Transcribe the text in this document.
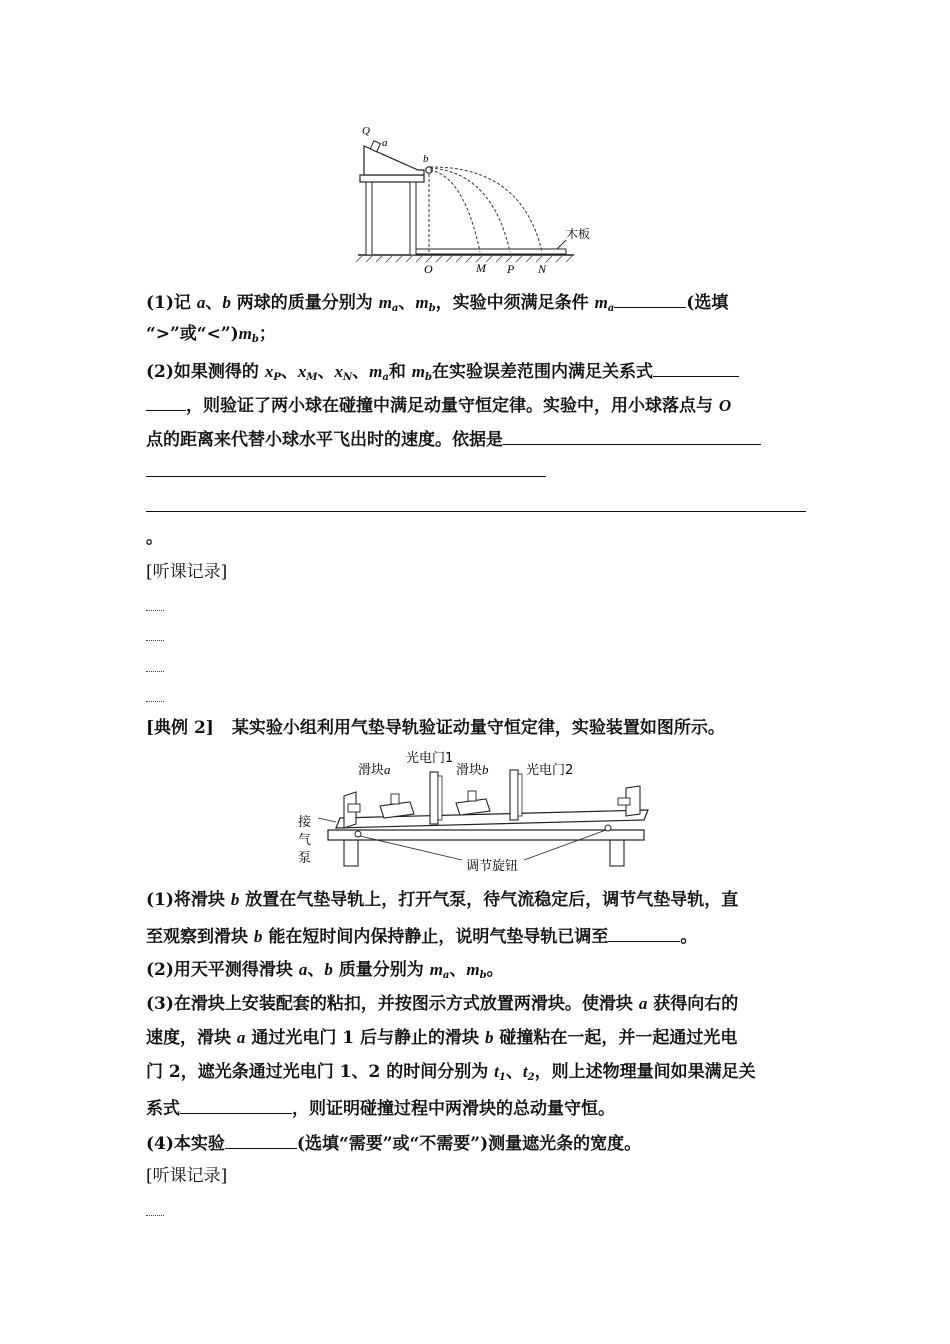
Q
a
b
O	M P N
木板
(1)记 a、b 两球的质量分别为 $m_a$、$m_b$，实验中须满足条件 $m_a$	(选填
“>”或“$<”)m_b$；
(2)如果测得的 $x_P$、$x_M$、$x_N$、$m_a$和 $m_b$在实验误差范围内满足关系式
，则验证了两小球在碰撞中满足动量守恒定律。实验中，用小球落点与 O
点的距离来代替小球水平飞出时的速度。依据是
。
[听课记录]
[典例 2] 某实验小组利用气垫导轨验证动量守恒定律，实验装置如图所示。
滑块a
光电门1
滑块b	光电门2
接
气
泵
调节旋钮
(1)将滑块 b 放置在气垫导轨上，打开气泵，待气流稳定后，调节气垫导轨，直
至观察到滑块 b 能在短时间内保持静止，说明气垫导轨已调至	。
(2)用天平测得滑块 a、b 质量分别为 $m_a$、$m_b$。
(3)在滑块上安装配套的粘扣，并按图示方式放置两滑块。使滑块 a 获得向右的
速度，滑块 a 通过光电门 1 后与静止的滑块 b 碰撞粘在一起，并一起通过光电
门 2，遮光条通过光电门 1、2 的时间分别为 $t_1$、$t_2$，则上述物理量间如果满足关
系式	，则证明碰撞过程中两滑块的总动量守恒。
(4)本实验	(选填“需要”或“不需要”)测量遮光条的宽度。
[听课记录]
